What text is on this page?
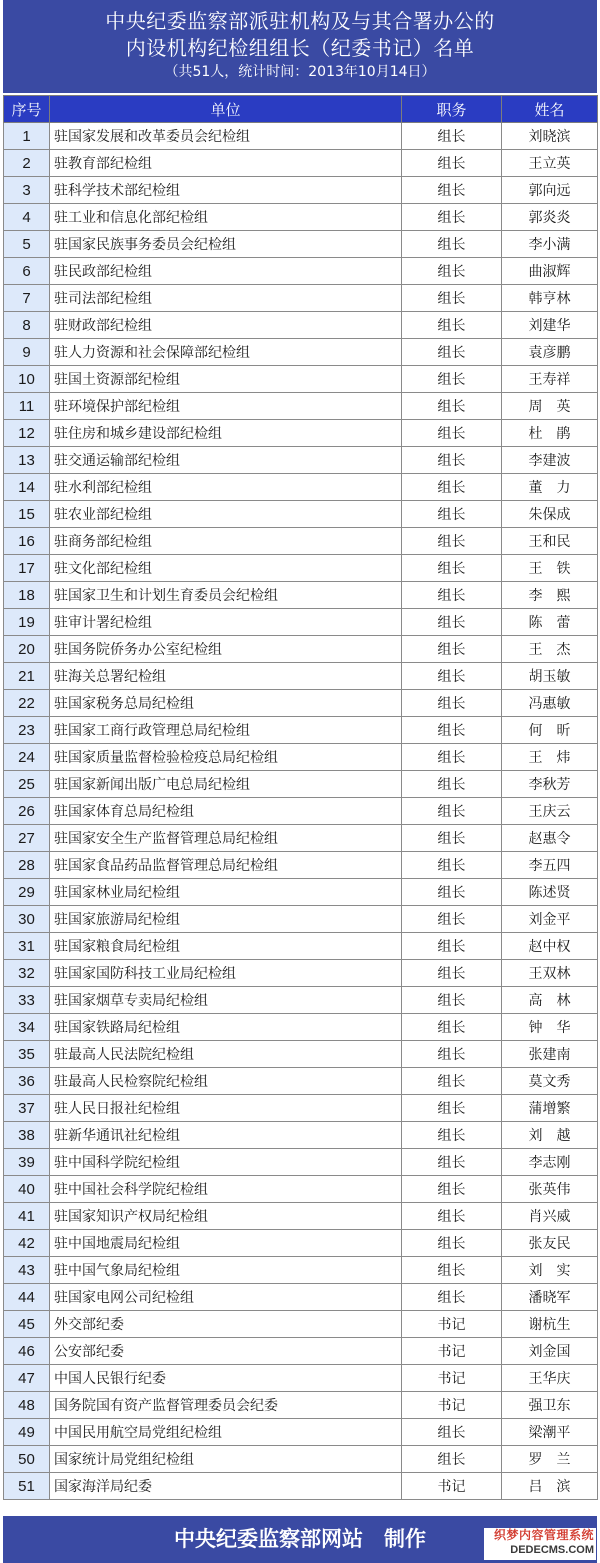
中央纪委监察部派驻机构及与其合署办公的
内设机构纪检组组长（纪委书记）名单
（共51人，统计时间：2013年10月14日）
序号	单位	职务	姓名
1	驻国家发展和改革委员会纪检组	组长	刘晓滨
2	驻教育部纪检组	组长	王立英
3	驻科学技术部纪检组	组长	郭向远
4	驻工业和信息化部纪检组	组长	郭炎炎
5	驻国家民族事务委员会纪检组	组长	李小满
6	驻民政部纪检组	组长	曲淑辉
7	驻司法部纪检组	组长	韩亨林
8	驻财政部纪检组	组长	刘建华
9	驻人力资源和社会保障部纪检组	组长	袁彦鹏
10	驻国土资源部纪检组	组长	王寿祥
11	驻环境保护部纪检组	组长	周　英
12	驻住房和城乡建设部纪检组	组长	杜　鹃
13	驻交通运输部纪检组	组长	李建波
14	驻水利部纪检组	组长	董　力
15	驻农业部纪检组	组长	朱保成
16	驻商务部纪检组	组长	王和民
17	驻文化部纪检组	组长	王　铁
18	驻国家卫生和计划生育委员会纪检组	组长	李　熙
19	驻审计署纪检组	组长	陈　蕾
20	驻国务院侨务办公室纪检组	组长	王　杰
21	驻海关总署纪检组	组长	胡玉敏
22	驻国家税务总局纪检组	组长	冯惠敏
23	驻国家工商行政管理总局纪检组	组长	何　昕
24	驻国家质量监督检验检疫总局纪检组	组长	王　炜
25	驻国家新闻出版广电总局纪检组	组长	李秋芳
26	驻国家体育总局纪检组	组长	王庆云
27	驻国家安全生产监督管理总局纪检组	组长	赵惠令
28	驻国家食品药品监督管理总局纪检组	组长	李五四
29	驻国家林业局纪检组	组长	陈述贤
30	驻国家旅游局纪检组	组长	刘金平
31	驻国家粮食局纪检组	组长	赵中权
32	驻国家国防科技工业局纪检组	组长	王双林
33	驻国家烟草专卖局纪检组	组长	高　林
34	驻国家铁路局纪检组	组长	钟　华
35	驻最高人民法院纪检组	组长	张建南
36	驻最高人民检察院纪检组	组长	莫文秀
37	驻人民日报社纪检组	组长	蒲增繁
38	驻新华通讯社纪检组	组长	刘　越
39	驻中国科学院纪检组	组长	李志刚
40	驻中国社会科学院纪检组	组长	张英伟
41	驻国家知识产权局纪检组	组长	肖兴威
42	驻中国地震局纪检组	组长	张友民
43	驻中国气象局纪检组	组长	刘　实
44	驻国家电网公司纪检组	组长	潘晓军
45	外交部纪委	书记	谢杭生
46	公安部纪委	书记	刘金国
47	中国人民银行纪委	书记	王华庆
48	国务院国有资产监督管理委员会纪委	书记	强卫东
49	中国民用航空局党组纪检组	组长	梁潮平
50	国家统计局党组纪检组	组长	罗　兰
51	国家海洋局纪委	书记	吕　滨
中央纪委监察部网站　制作	织梦内容管理系统
DEDECMS.COM
